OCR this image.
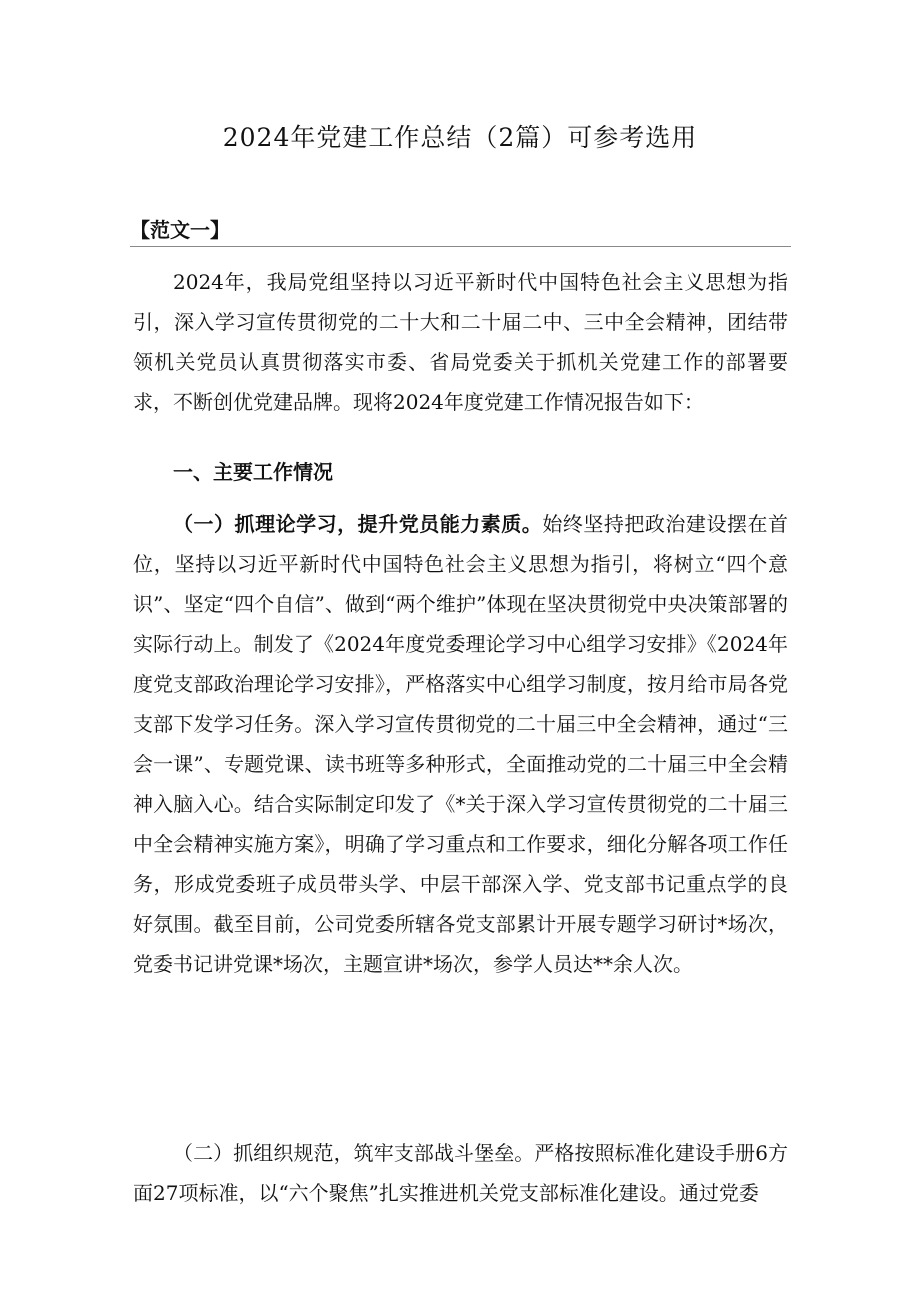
2024年党建工作总结（2篇）可参考选用

【范文一】

2024年，我局党组坚持以习近平新时代中国特色社会主义思想为指引，深入学习宣传贯彻党的二十大和二十届二中、三中全会精神，团结带领机关党员认真贯彻落实市委、省局党委关于抓机关党建工作的部署要求，不断创优党建品牌。现将2024年度党建工作情况报告如下：

一、主要工作情况

（一）抓理论学习，提升党员能力素质。始终坚持把政治建设摆在首位，坚持以习近平新时代中国特色社会主义思想为指引，将树立“四个意识”、坚定“四个自信”、做到“两个维护”体现在坚决贯彻党中央决策部署的实际行动上。制发了《2024年度党委理论学习中心组学习安排》《2024年度党支部政治理论学习安排》，严格落实中心组学习制度，按月给市局各党支部下发学习任务。深入学习宣传贯彻党的二十届三中全会精神，通过“三会一课”、专题党课、读书班等多种形式，全面推动党的二十届三中全会精神入脑入心。结合实际制定印发了《*关于深入学习宣传贯彻党的二十届三中全会精神实施方案》，明确了学习重点和工作要求，细化分解各项工作任务，形成党委班子成员带头学、中层干部深入学、党支部书记重点学的良好氛围。截至目前，公司党委所辖各党支部累计开展专题学习研讨*场次，党委书记讲党课*场次，主题宣讲*场次，参学人员达**余人次。

（二）抓组织规范，筑牢支部战斗堡垒。严格按照标准化建设手册6方面27项标准，以“六个聚焦”扎实推进机关党支部标准化建设。通过党委
